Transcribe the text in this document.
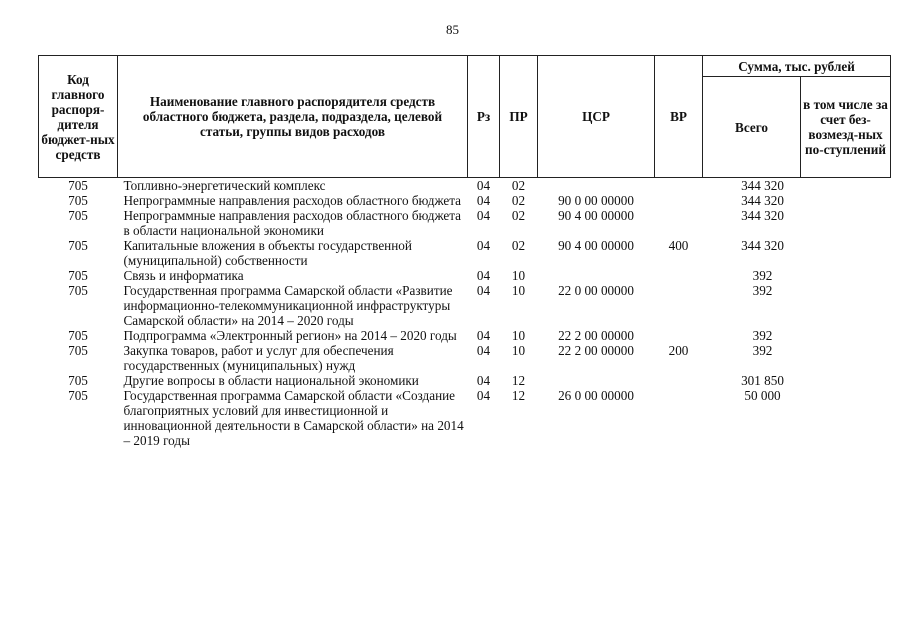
85
Код главного распоря-дителя бюджет-ных средств	Наименование главного распорядителя средств областного бюджета, раздела, подраздела, целевой статьи, группы видов расходов	Рз	ПР	ЦСР	ВР	Сумма, тыс. рублей	
						Всего	в том числе за счет без-возмезд-ных по-ступлений
705	Топливно-энергетический комплекс	04	02			344 320	
705	Непрограммные направления расходов областного бюджета	04	02	90 0 00 00000		344 320	
705	Непрограммные направления расходов областного бюджета в области национальной экономики	04	02	90 4 00 00000		344 320	
705	Капитальные вложения в объекты государственной (муниципальной) собственности	04	02	90 4 00 00000	400	344 320	
705	Связь и информатика	04	10			392	
705	Государственная программа Самарской области «Развитие информационно-телекоммуникационной инфраструктуры Самарской области» на 2014 – 2020 годы	04	10	22 0 00 00000		392	
705	Подпрограмма «Электронный регион» на 2014 – 2020 годы	04	10	22 2 00 00000		392	
705	Закупка товаров, работ и услуг для обеспечения государственных (муниципальных) нужд	04	10	22 2 00 00000	200	392	
705	Другие вопросы в области национальной экономики	04	12			301 850	
705	Государственная программа Самарской области «Создание благоприятных условий для инвестиционной и инновационной деятельности в Самарской области» на 2014 – 2019 годы	04	12	26 0 00 00000		50 000	
